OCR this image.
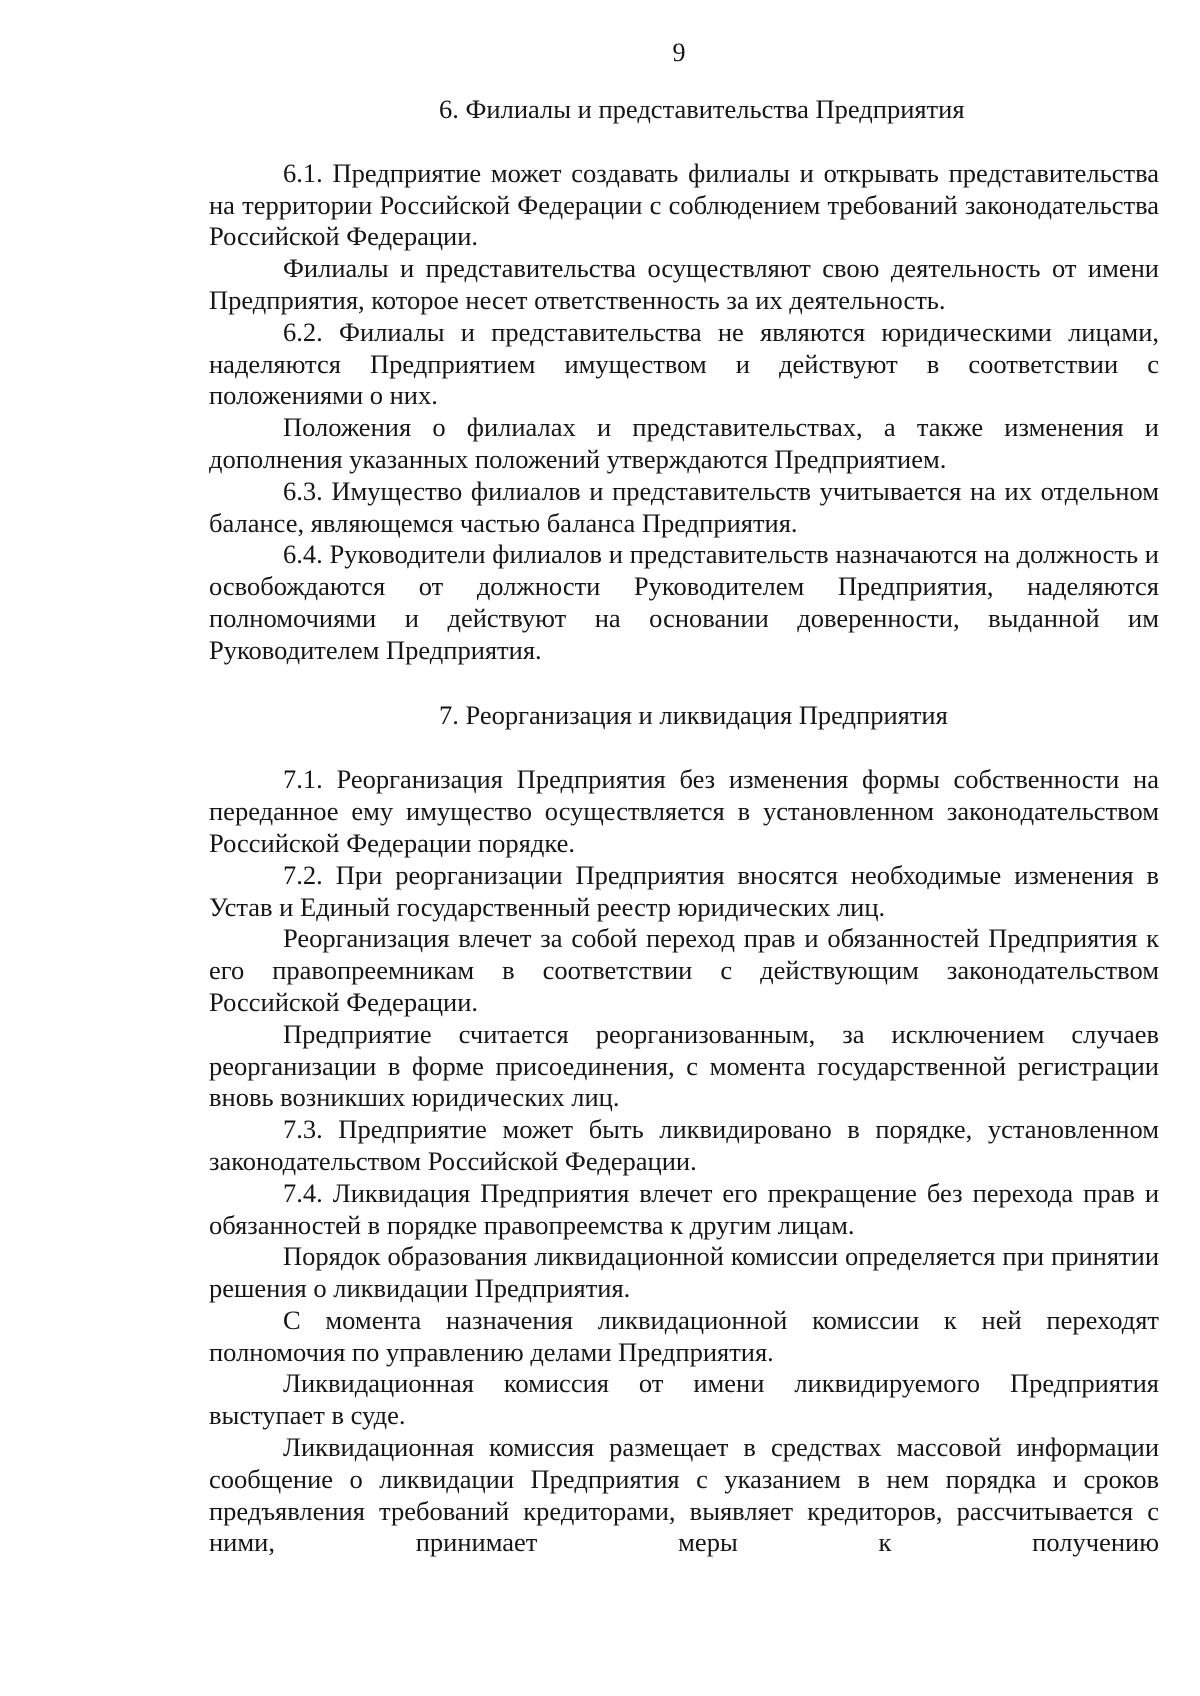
9
6. Филиалы и представительства Предприятия

6.1. Предприятие может создавать филиалы и открывать представительства на территории Российской Федерации с соблюдением требований законодательства Российской Федерации.

Филиалы и представительства осуществляют свою деятельность от имени Предприятия, которое несет ответственность за их деятельность.

6.2. Филиалы и представительства не являются юридическими лицами, наделяются Предприятием имуществом и действуют в соответствии с положениями о них.

Положения о филиалах и представительствах, а также изменения и дополнения указанных положений утверждаются Предприятием.

6.3. Имущество филиалов и представительств учитывается на их отдельном балансе, являющемся частью баланса Предприятия.

6.4. Руководители филиалов и представительств назначаются на должность и освобождаются от должности Руководителем Предприятия, наделяются полномочиями и действуют на основании доверенности, выданной им Руководителем Предприятия.

7. Реорганизация и ликвидация Предприятия

7.1. Реорганизация Предприятия без изменения формы собственности на переданное ему имущество осуществляется в установленном законодательством Российской Федерации порядке.

7.2. При реорганизации Предприятия вносятся необходимые изменения в Устав и Единый государственный реестр юридических лиц.

Реорганизация влечет за собой переход прав и обязанностей Предприятия к его правопреемникам в соответствии с действующим законодательством Российской Федерации.

Предприятие считается реорганизованным, за исключением случаев реорганизации в форме присоединения, с момента государственной регистрации вновь возникших юридических лиц.

7.3. Предприятие может быть ликвидировано в порядке, установленном законодательством Российской Федерации.

7.4. Ликвидация Предприятия влечет его прекращение без перехода прав и обязанностей в порядке правопреемства к другим лицам.

Порядок образования ликвидационной комиссии определяется при принятии решения о ликвидации Предприятия.

С момента назначения ликвидационной комиссии к ней переходят полномочия по управлению делами Предприятия.

Ликвидационная комиссия от имени ликвидируемого Предприятия выступает в суде.

Ликвидационная комиссия размещает в средствах массовой информации сообщение о ликвидации Предприятия с указанием в нем порядка и сроков предъявления требований кредиторами, выявляет кредиторов, рассчитывается с ними, принимает меры к получению
